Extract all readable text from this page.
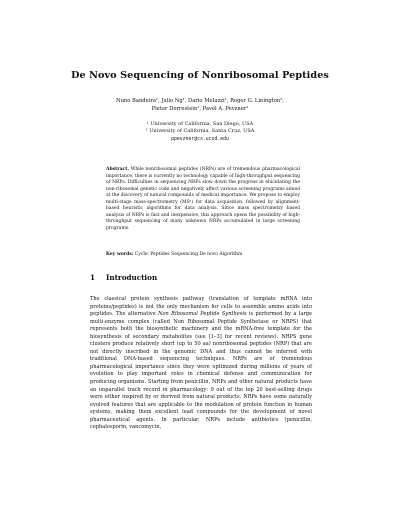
De Novo Sequencing of Nonribosomal Peptides
Nuno Bandeira¹, Julio Ng¹, Dario Meluzzi¹, Roger G. Linington²,
Pieter Dorrestein¹, Pavel A. Pevzner¹
¹ University of California, San Diego, USA
² University of California, Santa Cruz, USA
ppevzner@cs.ucsd.edu
Abstract. While nonribosomal peptides (NRPs) are of tremendous pharmacological importance, there is currently no technology capable of high-throughput sequencing of NRPs. Difficulties in sequencing NRPs slow down the progress in elucidating the non-ribosomal genetic code and negatively affect various screening programs aimed at the discovery of natural compounds of medical importance. We propose to employ multi-stage mass-spectrometry (MSⁿ) for data acquisition, followed by alignment-based heuristic algorithms for data analysis. Since mass spectrometry based analysis of NRPs is fast and inexpensive, this approach opens the possibility of high-throughput sequencing of many unknown NRPs accumulated in large screening programs.
Key words: Cyclic Peptides Sequencing De novo Algorithm
1 Introduction

The classical protein synthesis pathway (translation of template mRNA into proteins/peptides) is not the only mechanism for cells to assemble amino acids into peptides. The alternative Non Ribosomal Peptide Synthesis is performed by a large multi-enzyme complex (called Non Ribosomal Peptide Synthetase or NRPS) that represents both the biosynthetic machinery and the mRNA-free template for the biosynthesis of secondary metabolites (see [1–3] for recent reviews). NRPS gene clusters produce relatively short (up to 50 aa) nonribosomal peptides (NRP) that are not directly inscribed in the genomic DNA and thus cannot be inferred with traditional DNA-based sequencing techniques. NRPs are of tremendous pharmacological importance since they were optimized during millions of years of evolution to play important roles in chemical defense and communication for producing organisms. Starting from penicillin, NRPs and other natural products have an unparallel track record in pharmacology: 9 out of the top 20 best-selling drugs were either inspired by or derived from natural products. NRPs have some naturally evolved features that are applicable to the modulation of protein function in human systems, making them excellent lead compounds for the development of novel pharmaceutical agents. In particular, NRPs include antibiotics (penicillin, cephalosporin, vancomycin,
